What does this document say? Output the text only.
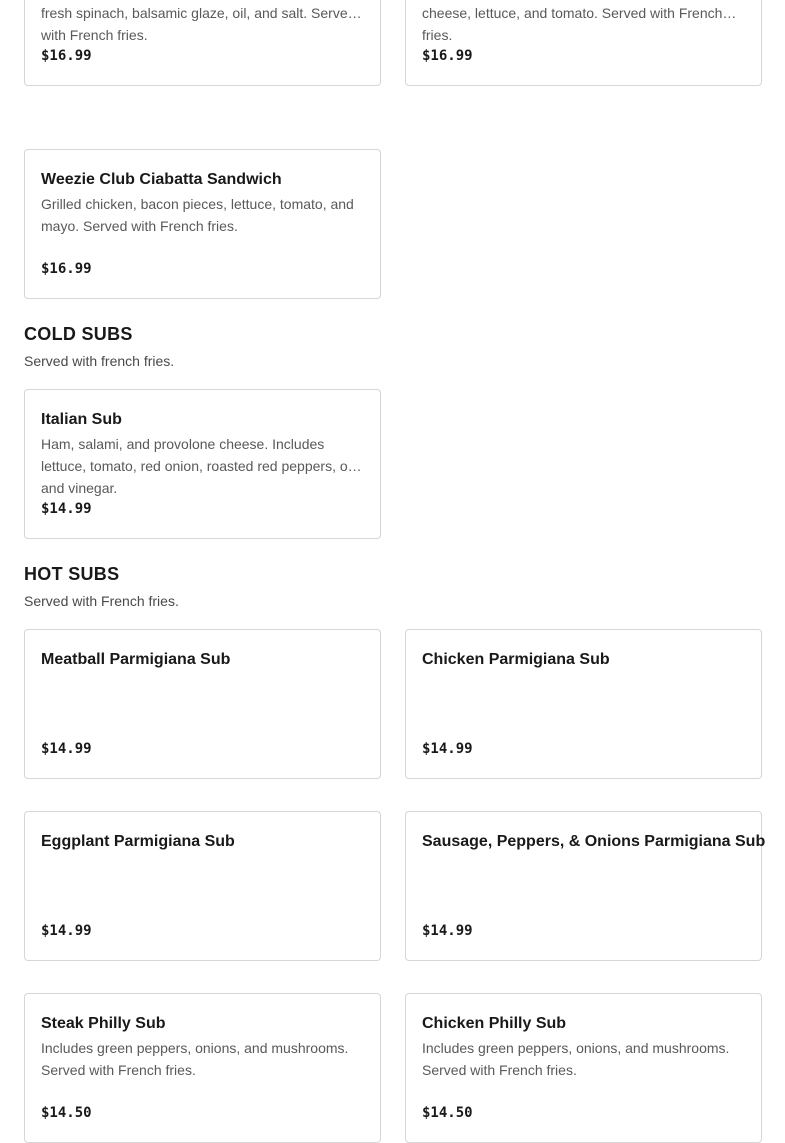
fresh spinach, balsamic glaze, oil, and salt. Served with French fries.
$16.99
cheese, lettuce, and tomato. Served with French fries.
$16.99
Weezie Club Ciabatta Sandwich
Grilled chicken, bacon pieces, lettuce, tomato, and mayo. Served with French fries.
$16.99
COLD SUBS
Served with french fries.
Italian Sub
Ham, salami, and provolone cheese. Includes lettuce, tomato, red onion, roasted red peppers, oil, and vinegar.
$14.99
HOT SUBS
Served with French fries.
Meatball Parmigiana Sub
$14.99
Chicken Parmigiana Sub
$14.99
Eggplant Parmigiana Sub
$14.99
Sausage, Peppers, & Onions Parmigiana Sub
$14.99
Steak Philly Sub
Includes green peppers, onions, and mushrooms. Served with French fries.
$14.50
Chicken Philly Sub
Includes green peppers, onions, and mushrooms. Served with French fries.
$14.50
